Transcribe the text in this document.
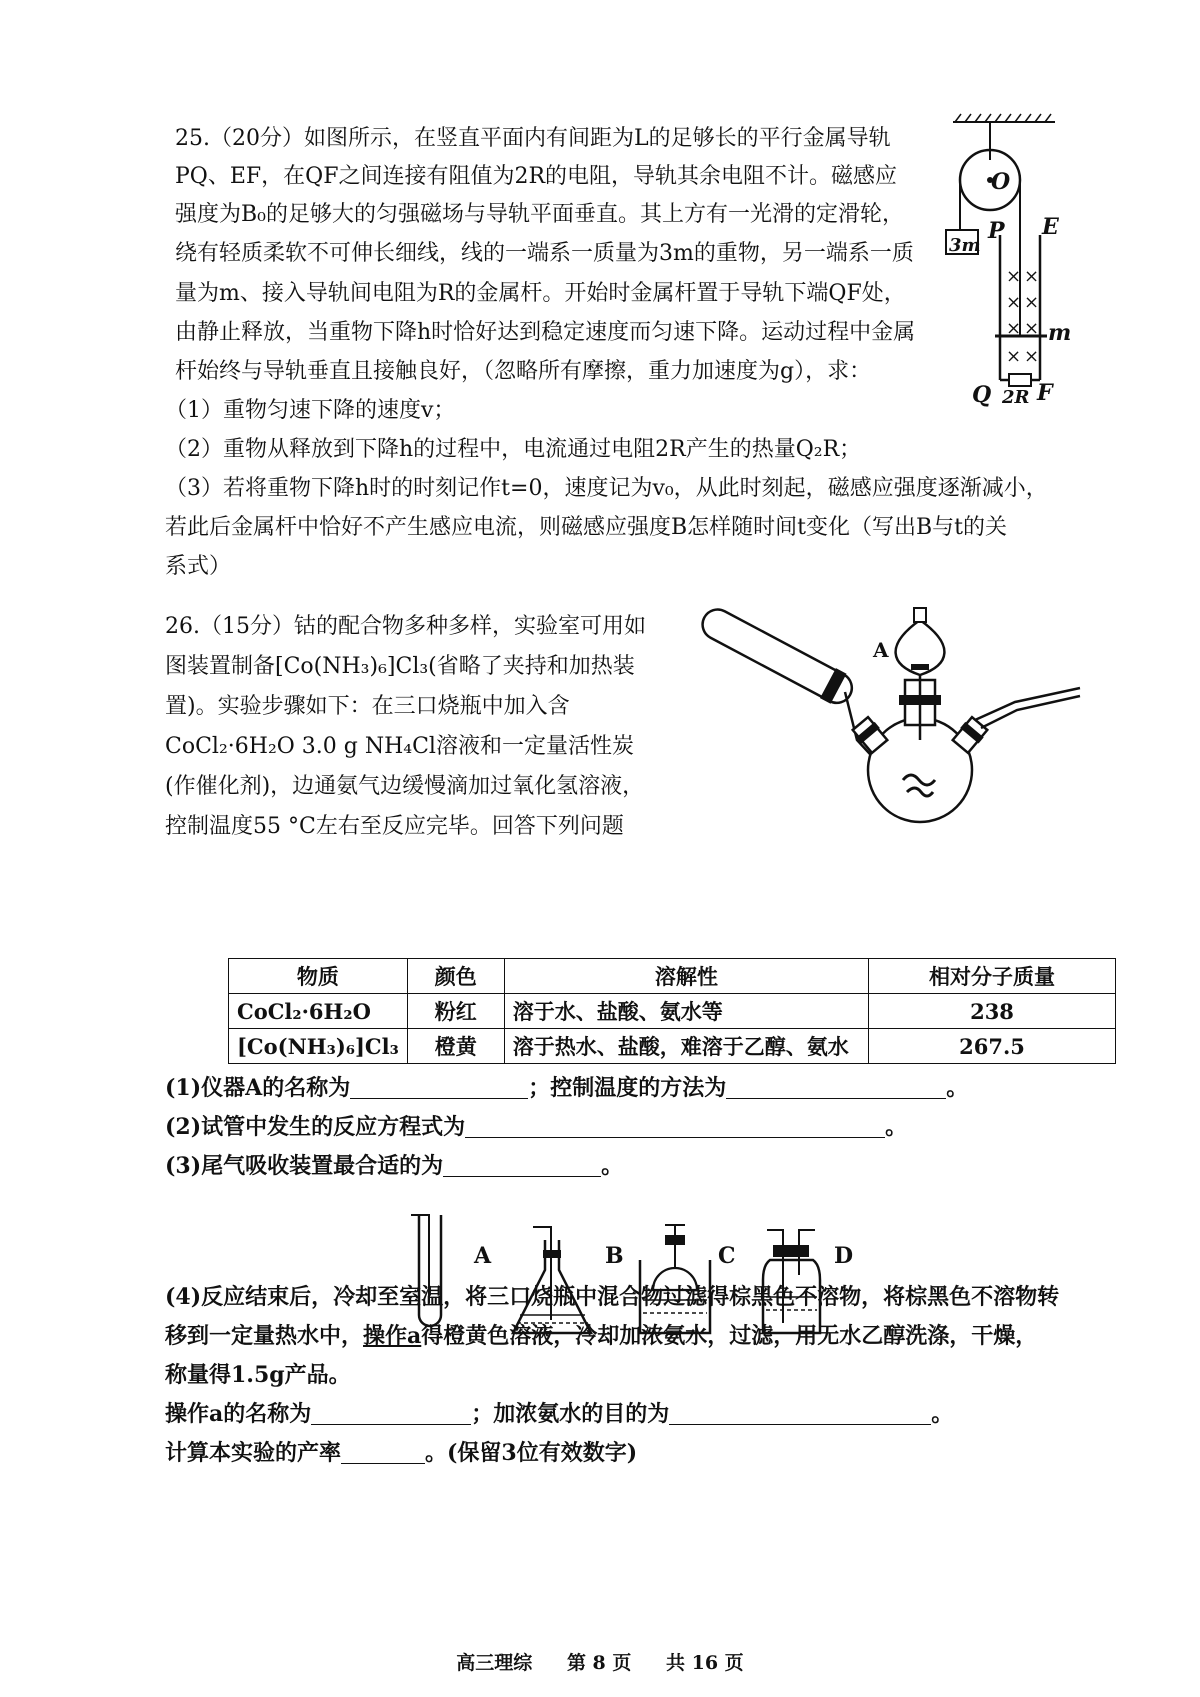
25.（20分）如图所示，在竖直平面内有间距为L的足够长的平行金属导轨
PQ、EF，在QF之间连接有阻值为2R的电阻，导轨其余电阻不计。磁感应
强度为B₀的足够大的匀强磁场与导轨平面垂直。其上方有一光滑的定滑轮，
绕有轻质柔软不可伸长细线，线的一端系一质量为3m的重物，另一端系一质
量为m、接入导轨间电阻为R的金属杆。开始时金属杆置于导轨下端QF处，
由静止释放，当重物下降h时恰好达到稳定速度而匀速下降。运动过程中金属
杆始终与导轨垂直且接触良好，（忽略所有摩擦，重力加速度为g），求：
（1）重物匀速下降的速度v；
（2）重物从释放到下降h的过程中，电流通过电阻2R产生的热量Q₂R；
（3）若将重物下降h时的时刻记作t=0，速度记为v₀，从此时刻起，磁感应强度逐渐减小，
若此后金属杆中恰好不产生感应电流，则磁感应强度B怎样随时间t变化（写出B与t的关
系式）
O
3m
P E
m
Q 2R F
× ×
× ×
× ×
× ×
26.（15分）钴的配合物多种多样，实验室可用如
图装置制备[Co(NH₃)₆]Cl₃(省略了夹持和加热装
置)。实验步骤如下：在三口烧瓶中加入含
CoCl₂·6H₂O 3.0 g NH₄Cl溶液和一定量活性炭
(作催化剂)，边通氨气边缓慢滴加过氧化氢溶液，
控制温度55 °C左右至反应完毕。回答下列问题
A
物质	颜色	溶解性	相对分子质量
CoCl₂·6H₂O	粉红	溶于水、盐酸、氨水等	238
[Co(NH₃)₆]Cl₃	橙黄	溶于热水、盐酸，难溶于乙醇、氨水	267.5
(1)仪器A的名称为	；控制温度的方法为	。
(2)试管中发生的反应方程式为	。
(3)尾气吸收装置最合适的为	。
A	B	C	D
(4)反应结束后，冷却至室温，将三口烧瓶中混合物过滤得棕黑色不溶物，将棕黑色不溶物转
移到一定量热水中，操作a得橙黄色溶液，冷却加浓氨水，过滤，用无水乙醇洗涤，干燥，
称量得1.5g产品。
操作a的名称为	；加浓氨水的目的为	。
计算本实验的产率	。(保留3位有效数字)
高三理综 第 8 页 共 16 页
